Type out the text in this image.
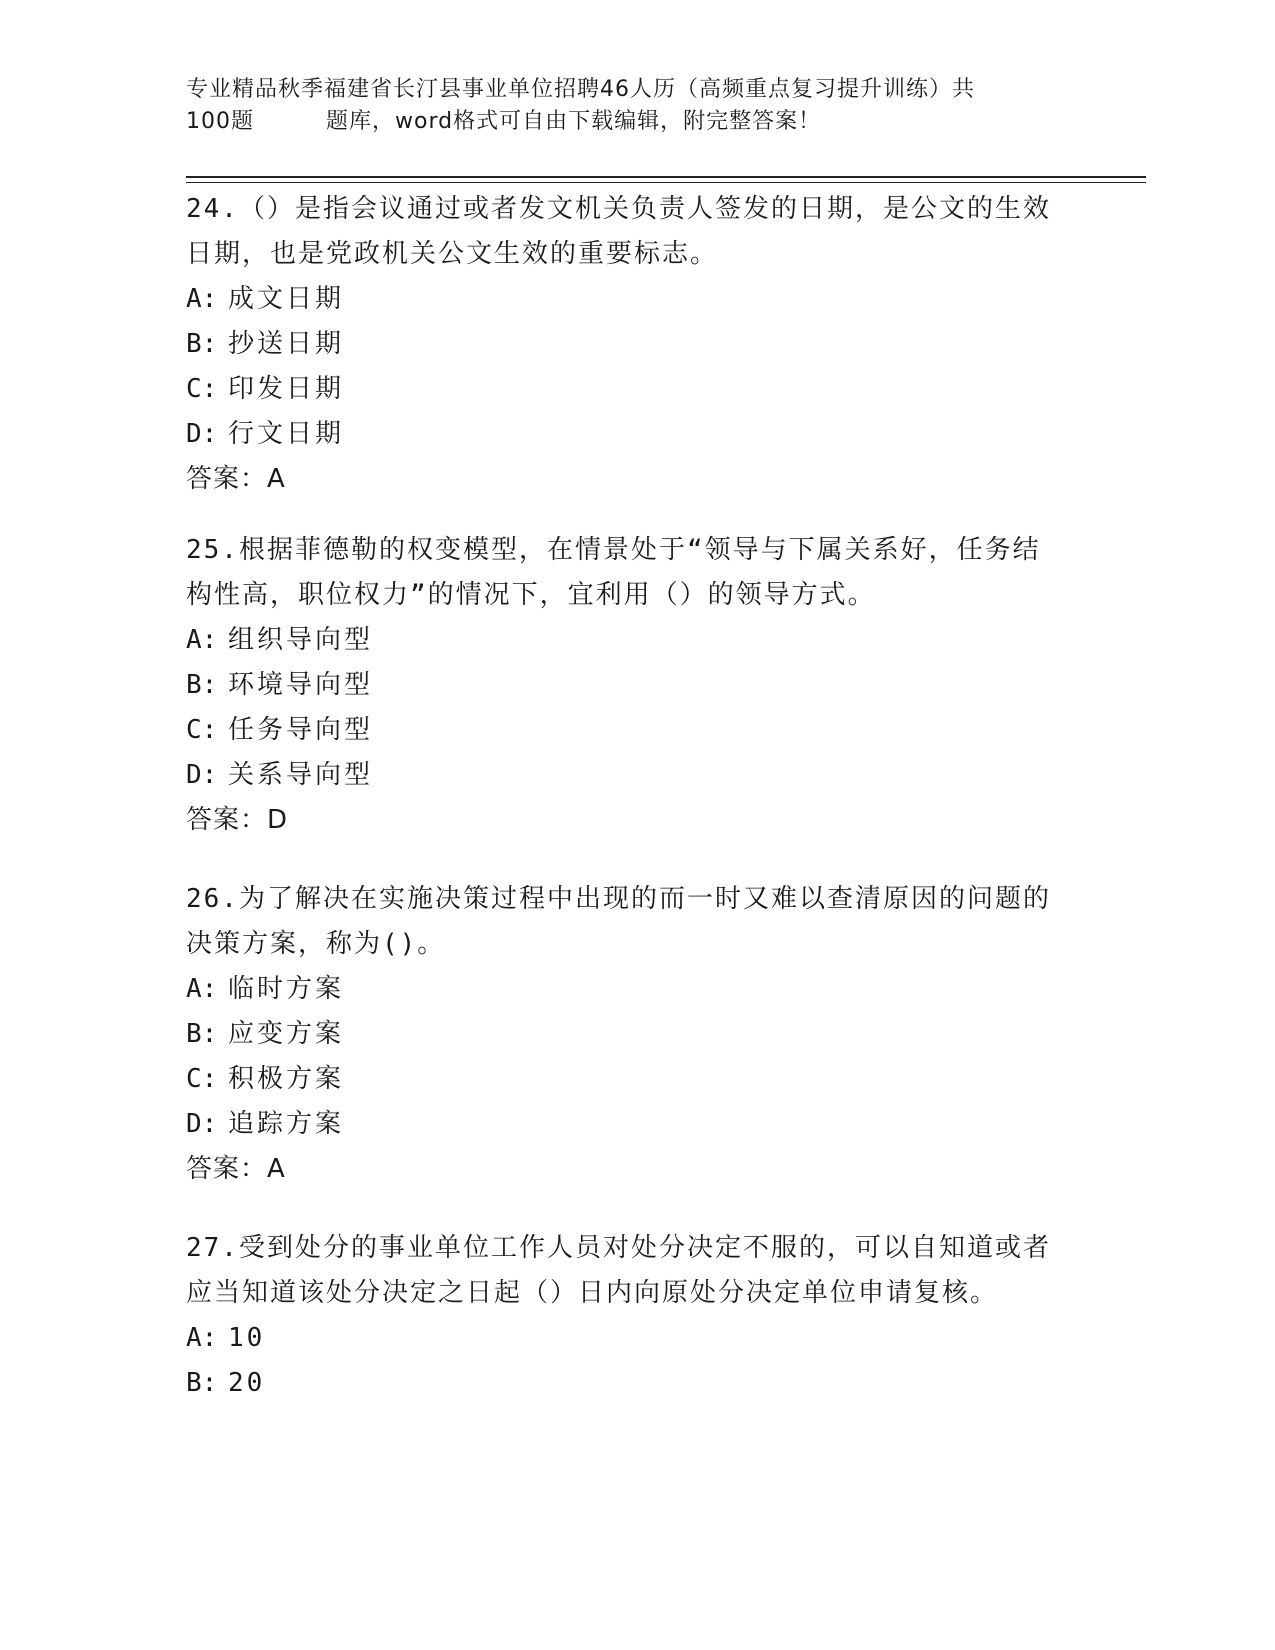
专业精品秋季福建省长汀县事业单位招聘46人历（高频重点复习提升训练）共
100题	题库，word格式可自由下载编辑，附完整答案！
24.（）是指会议通过或者发文机关负责人签发的日期，是公文的生效日期，也是党政机关公文生效的重要标志。
A: 成文日期
B: 抄送日期
C: 印发日期
D: 行文日期
答案：A
25.根据菲德勒的权变模型，在情景处于“领导与下属关系好，任务结构性高，职位权力”的情况下，宜利用（）的领导方式。
A: 组织导向型
B: 环境导向型
C: 任务导向型
D: 关系导向型
答案：D
26.为了解决在实施决策过程中出现的而一时又难以查清原因的问题的决策方案，称为()。
A: 临时方案
B: 应变方案
C: 积极方案
D: 追踪方案
答案：A
27.受到处分的事业单位工作人员对处分决定不服的，可以自知道或者应当知道该处分决定之日起（）日内向原处分决定单位申请复核。
A: 10
B: 20
